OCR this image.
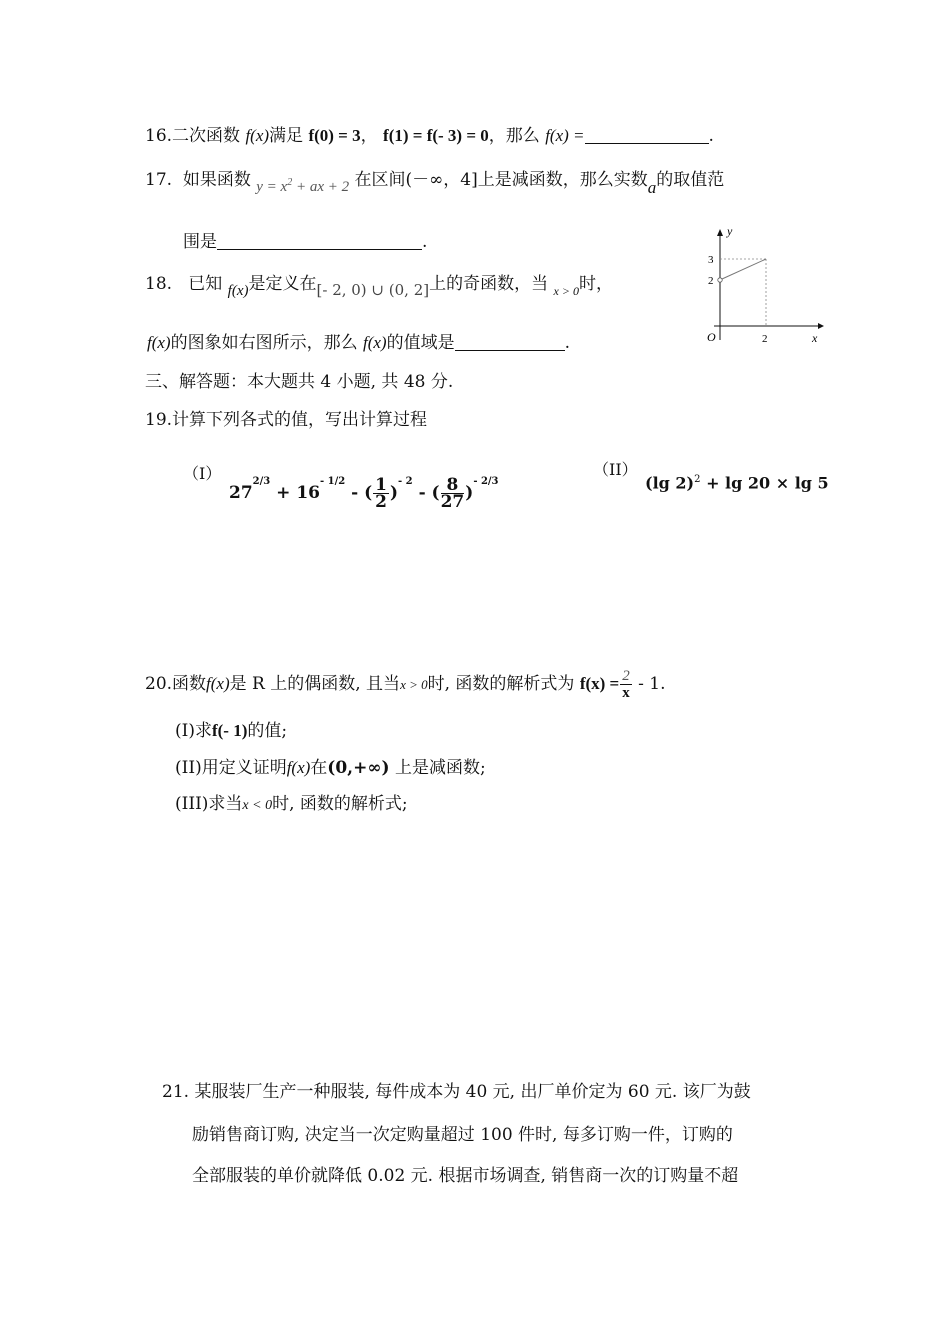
16.二次函数 f(x)满足 f(0) = 3， f(1) = f(- 3) = 0，那么 f(x) =	.
17. 如果函数 $y = x^2$ + ax + 2 在区间(－∞，4]上是减函数，那么实数a的取值范
围是	.
y
x
O
3
2
2
18. 已知 f(x)是定义在[- 2, 0) ∪ (0, 2]上的奇函数，当 $_{x > 0}$时，
f(x)的图象如右图所示，那么 f(x)的值域是	.
三、解答题：本大题共 4 小题, 共 48 分.
19.计算下列各式的值，写出计算过程
（I）
$27^{2/3} + 16^{- 1/2}$ - ( $\frac{1}{2} )^{- 2}$ - ( $\frac{8}{27} )^{- 2/3}$
（II）
(lg 2)$^2$ + lg 20 × lg 5
20.函数f(x)是 R 上的偶函数, 且当x > 0时, 函数的解析式为 $f(x) = \frac{2}{x} - 1$.
(I)求f(- 1)的值;
(II)用定义证明f(x)在(0,+∞) 上是减函数;
(III)求当x < 0时, 函数的解析式;
21. 某服装厂生产一种服装, 每件成本为 40 元, 出厂单价定为 60 元. 该厂为鼓
励销售商订购, 决定当一次定购量超过 100 件时, 每多订购一件，订购的
全部服装的单价就降低 0.02 元. 根据市场调查, 销售商一次的订购量不超
